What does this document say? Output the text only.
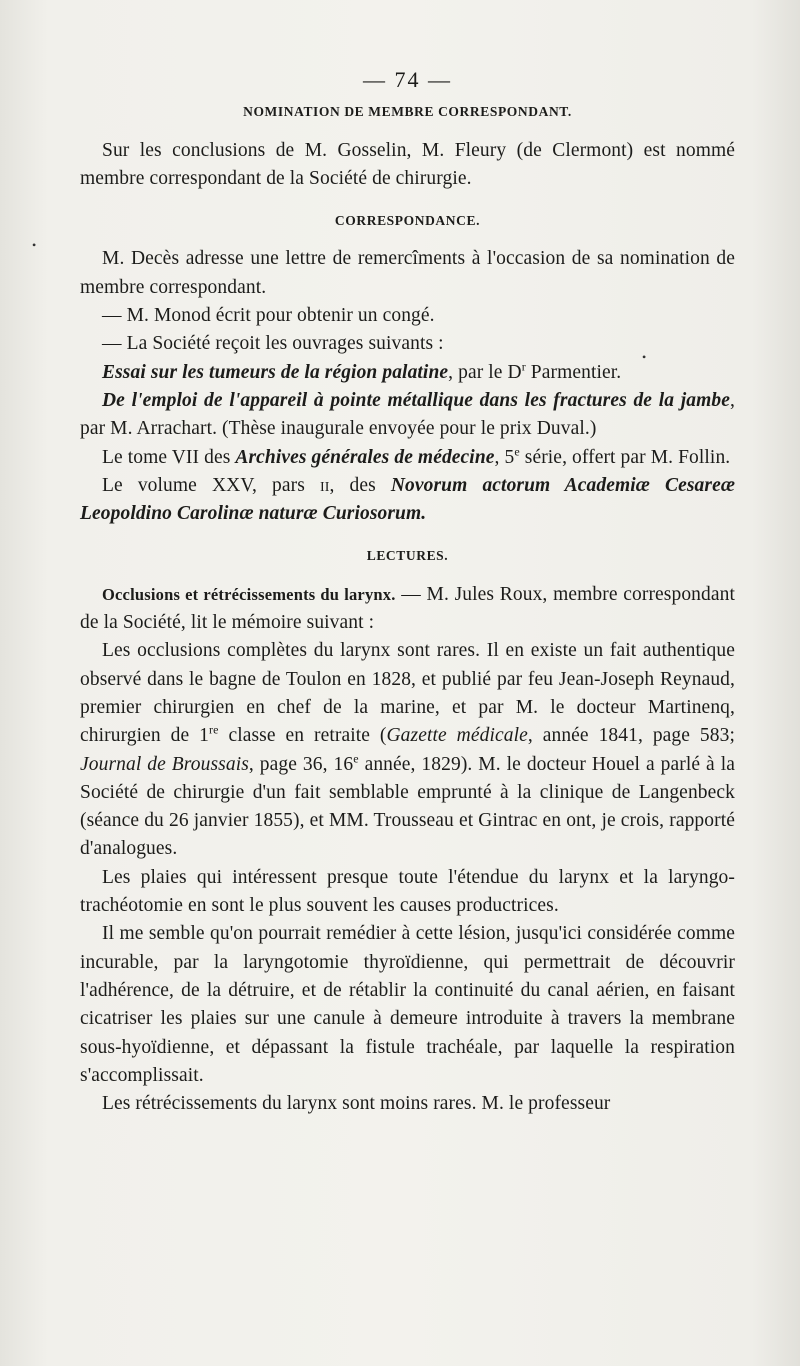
•
•
— 74 —
NOMINATION DE MEMBRE CORRESPONDANT.

Sur les conclusions de M. Gosselin, M. Fleury (de Clermont) est nommé membre correspondant de la Société de chirurgie.

CORRESPONDANCE.

M. Decès adresse une lettre de remercîments à l'occasion de sa nomination de membre correspondant.

— M. Monod écrit pour obtenir un congé.

— La Société reçoit les ouvrages suivants :

Essai sur les tumeurs de la région palatine, par le $D^r$ Parmentier.

De l'emploi de l'appareil à pointe métallique dans les fractures de la jambe, par M. Arrachart. (Thèse inaugurale envoyée pour le prix Duval.)

Le tome VII des Archives générales de médecine, 5e série, offert par M. Follin.

Le volume XXV, pars ii, des Novorum actorum Academiæ Cesareæ Leopoldino Carolinæ naturæ Curiosorum.

LECTURES.

Occlusions et rétrécissements du larynx. — M. Jules Roux, membre correspondant de la Société, lit le mémoire suivant :

Les occlusions complètes du larynx sont rares. Il en existe un fait authentique observé dans le bagne de Toulon en 1828, et publié par feu Jean-Joseph Reynaud, premier chirurgien en chef de la marine, et par M. le docteur Martinenq, chirurgien de 1re classe en retraite (Gazette médicale, année 1841, page 583; Journal de Broussais, page 36, 16e année, 1829). M. le docteur Houel a parlé à la Société de chirurgie d'un fait semblable emprunté à la clinique de Langenbeck (séance du 26 janvier 1855), et MM. Trousseau et Gintrac en ont, je crois, rapporté d'analogues.

Les plaies qui intéressent presque toute l'étendue du larynx et la laryngo-trachéotomie en sont le plus souvent les causes productrices.

Il me semble qu'on pourrait remédier à cette lésion, jusqu'ici considérée comme incurable, par la laryngotomie thyroïdienne, qui permettrait de découvrir l'adhérence, de la détruire, et de rétablir la continuité du canal aérien, en faisant cicatriser les plaies sur une canule à demeure introduite à travers la membrane sous-hyoïdienne, et dépassant la fistule trachéale, par laquelle la respiration s'accomplissait.

Les rétrécissements du larynx sont moins rares. M. le professeur
